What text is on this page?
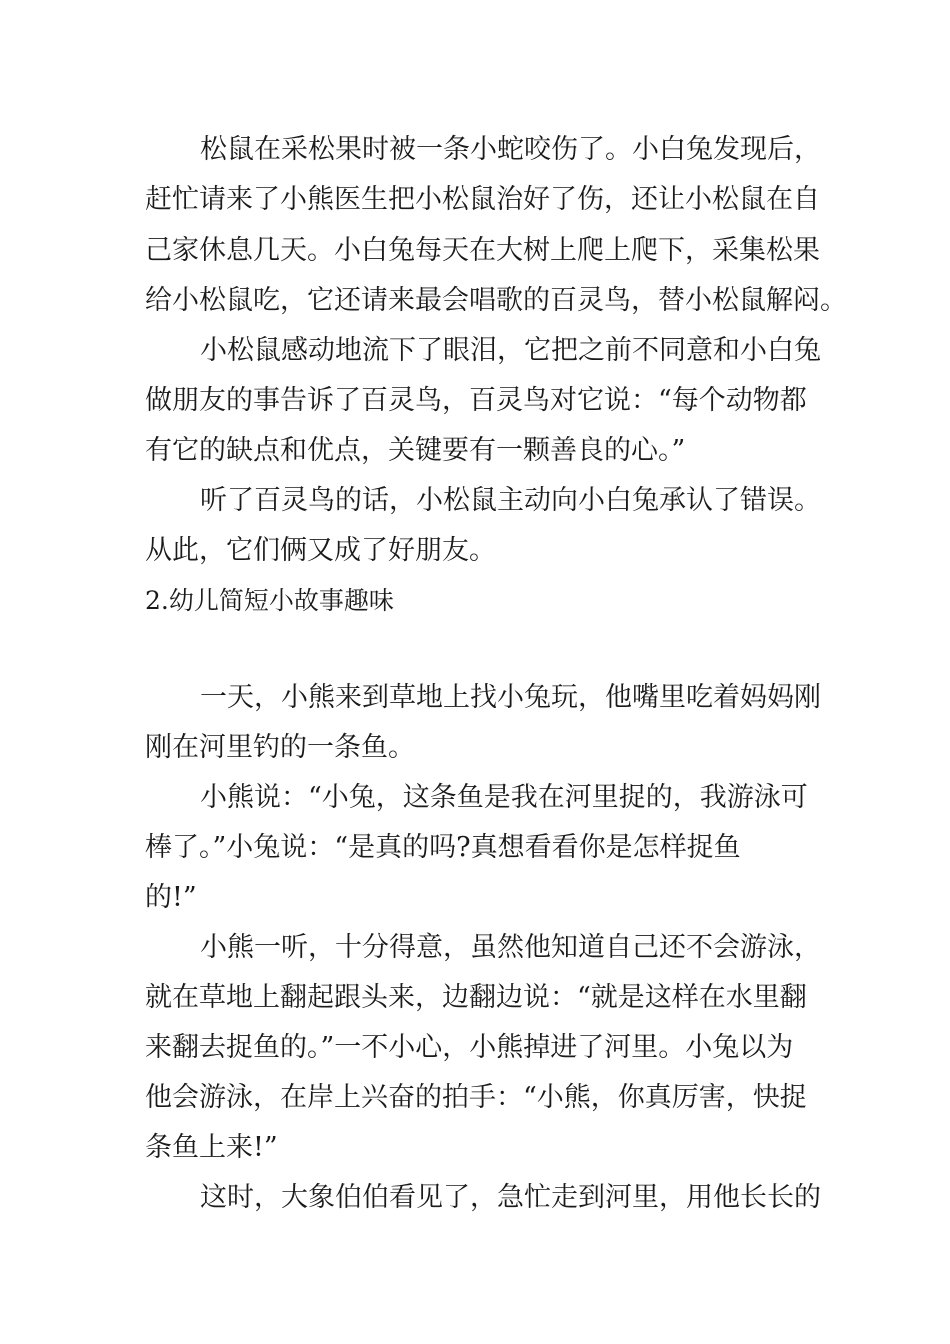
松鼠在采松果时被一条小蛇咬伤了。小白兔发现后，

赶忙请来了小熊医生把小松鼠治好了伤，还让小松鼠在自

己家休息几天。小白兔每天在大树上爬上爬下，采集松果

给小松鼠吃，它还请来最会唱歌的百灵鸟，替小松鼠解闷。

小松鼠感动地流下了眼泪，它把之前不同意和小白兔

做朋友的事告诉了百灵鸟，百灵鸟对它说：“每个动物都

有它的缺点和优点，关键要有一颗善良的心。”

听了百灵鸟的话，小松鼠主动向小白兔承认了错误。

从此，它们俩又成了好朋友。

2.幼儿简短小故事趣味

一天，小熊来到草地上找小兔玩，他嘴里吃着妈妈刚

刚在河里钓的一条鱼。

小熊说：“小兔，这条鱼是我在河里捉的，我游泳可

棒了。”小兔说：“是真的吗?真想看看你是怎样捉鱼

的!”

小熊一听，十分得意，虽然他知道自己还不会游泳，

就在草地上翻起跟头来，边翻边说：“就是这样在水里翻

来翻去捉鱼的。”一不小心，小熊掉进了河里。小兔以为

他会游泳，在岸上兴奋的拍手：“小熊，你真厉害，快捉

条鱼上来!”

这时，大象伯伯看见了，急忙走到河里，用他长长的
